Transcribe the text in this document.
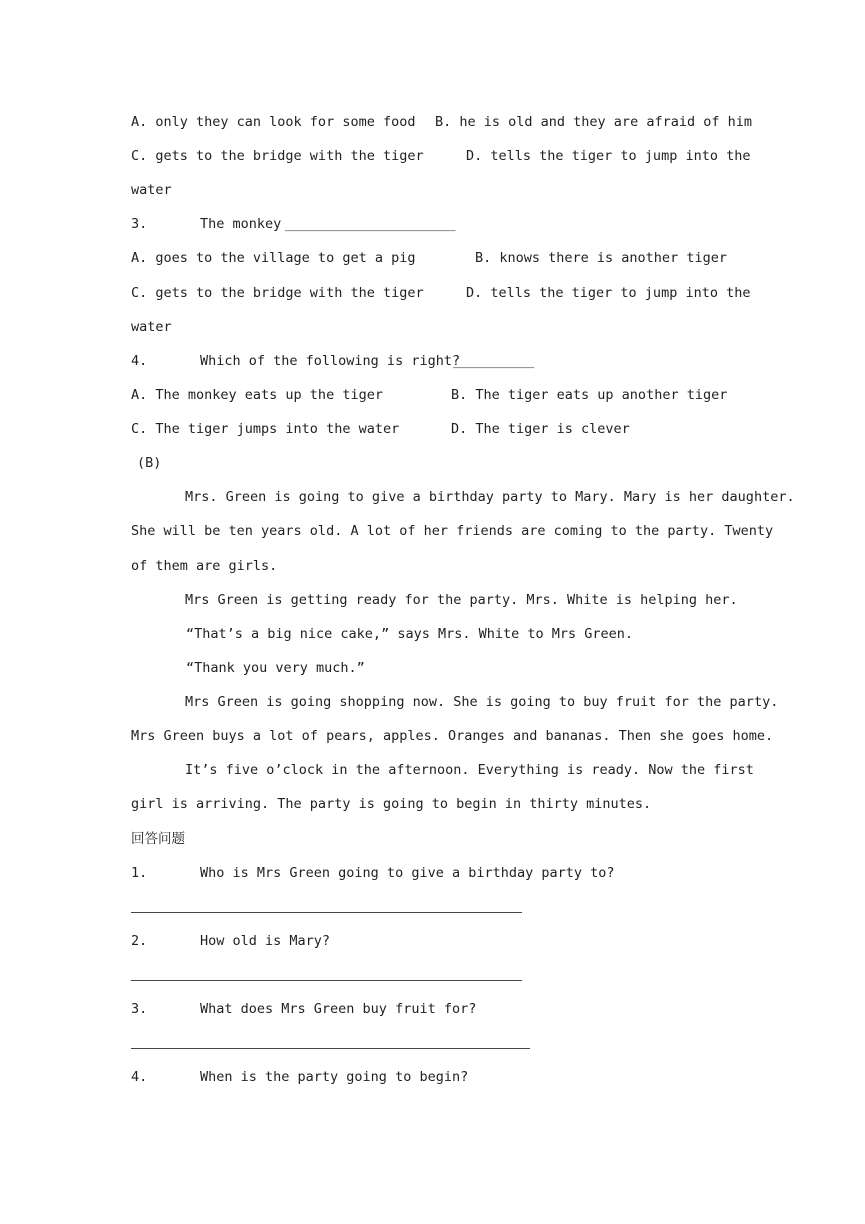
A. only they can look for some food B. he is old and they are afraid of him
C. gets to the bridge with the tiger	D. tells the tiger to jump into the
water
3.	The monkey _____________________
A. goes to the village to get a pig	B. knows there is another tiger
C. gets to the bridge with the tiger	D. tells the tiger to jump into the
water
4.	Which of the following is right?
__________
A. The monkey eats up the tiger	B. The tiger eats up another tiger
C. The tiger jumps into the water	D. The tiger is clever
(B)
Mrs. Green is going to give a birthday party to Mary. Mary is her daughter.
She will be ten years old. A lot of her friends are coming to the party. Twenty
of them are girls.
Mrs Green is getting ready for the party. Mrs. White is helping her.
“That’s a big nice cake,” says Mrs. White to Mrs Green.
“Thank you very much.”
Mrs Green is going shopping now. She is going to buy fruit for the party.
Mrs Green buys a lot of pears, apples. Oranges and bananas. Then she goes home.
It’s five o’clock in the afternoon. Everything is ready. Now the first
girl is arriving. The party is going to begin in thirty minutes.
回答问题
1.	Who is Mrs Green going to give a birthday party to?
2.	How old is Mary?
3.	What does Mrs Green buy fruit for?
4.	When is the party going to begin?
